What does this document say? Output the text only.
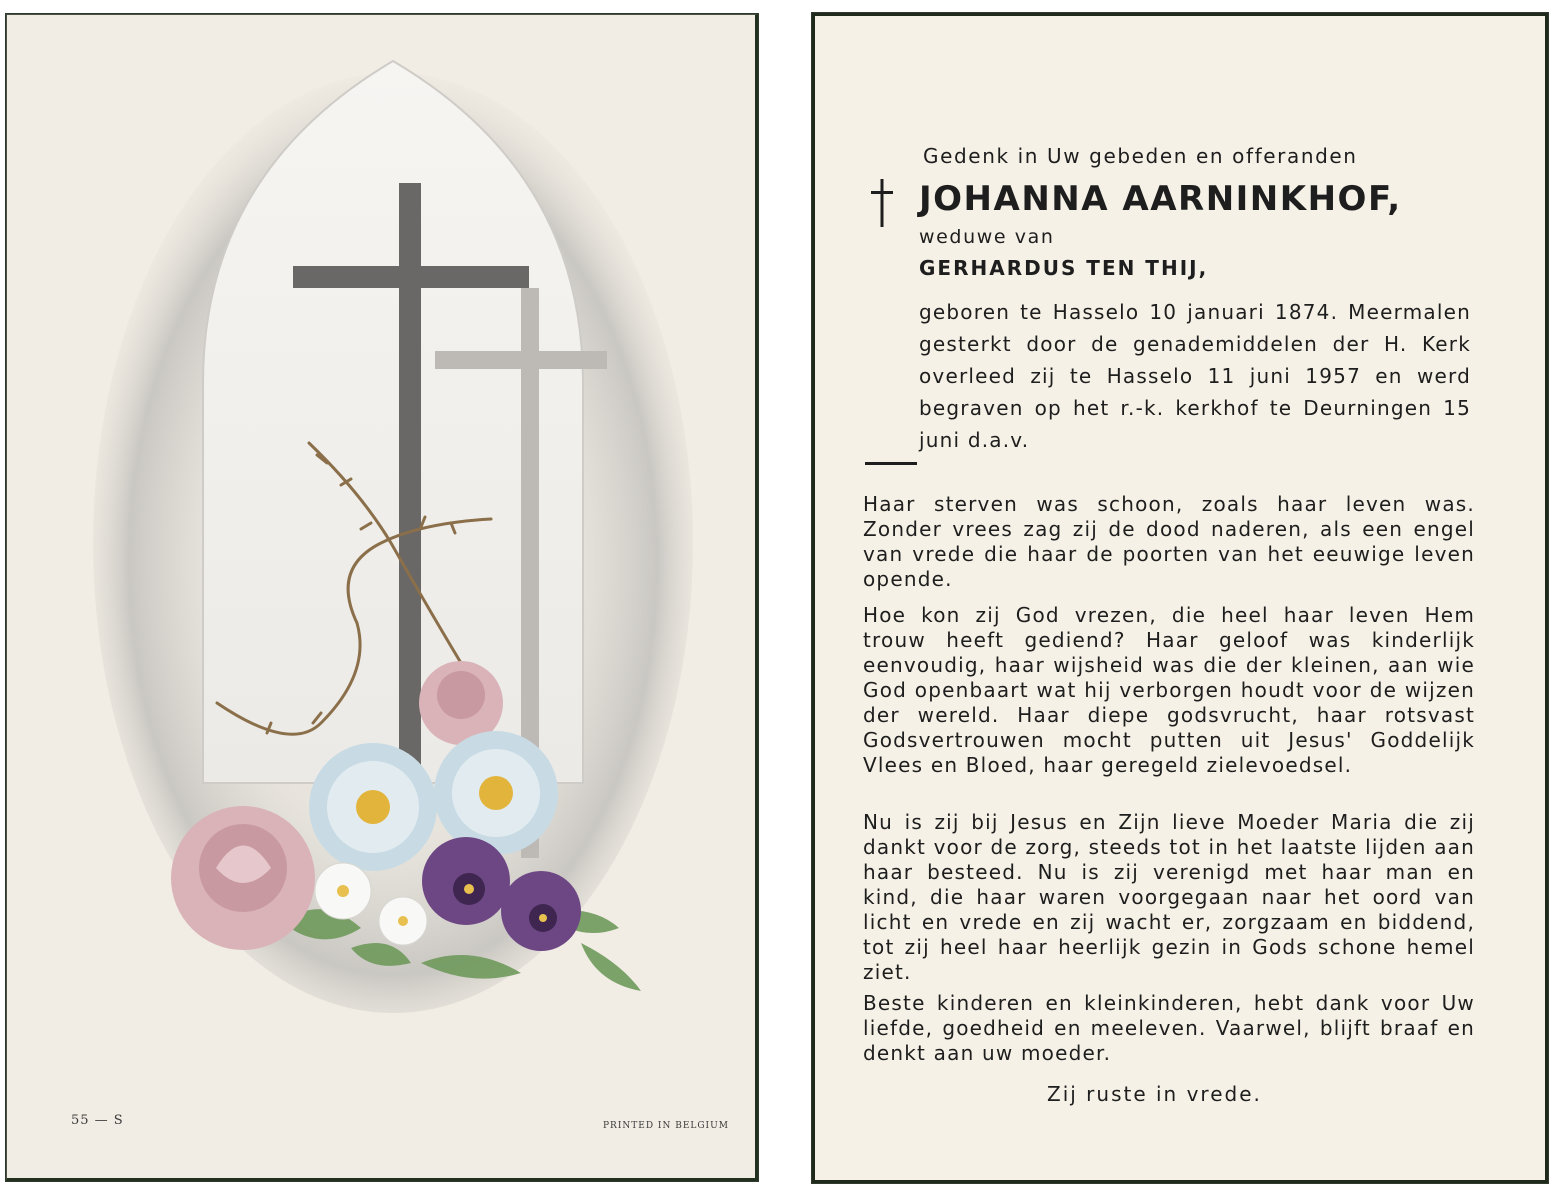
55 — S	PRINTED IN BELGIUM

Gedenk in Uw gebeden en offeranden

JOHANNA AARNINKHOF,

weduwe van

GERHARDUS TEN THIJ,

geboren te Hasselo 10 januari 1874. Meermalen gesterkt door de genademiddelen der H. Kerk overleed zij te Hasselo 11 juni 1957 en werd begraven op het r.-k. kerkhof te Deurningen 15 juni d.a.v.

Haar sterven was schoon, zoals haar leven was. Zonder vrees zag zij de dood naderen, als een engel van vrede die haar de poorten van het eeuwige leven opende.

Hoe kon zij God vrezen, die heel haar leven Hem trouw heeft gediend? Haar geloof was kinderlijk eenvoudig, haar wijsheid was die der kleinen, aan wie God openbaart wat hij verborgen houdt voor de wijzen der wereld. Haar diepe godsvrucht, haar rotsvast Godsvertrouwen mocht putten uit Jesus' Goddelijk Vlees en Bloed, haar geregeld zielevoedsel.

Nu is zij bij Jesus en Zijn lieve Moeder Maria die zij dankt voor de zorg, steeds tot in het laatste lijden aan haar besteed. Nu is zij verenigd met haar man en kind, die haar waren voorgegaan naar het oord van licht en vrede en zij wacht er, zorgzaam en biddend, tot zij heel haar heerlijk gezin in Gods schone hemel ziet.

Beste kinderen en kleinkinderen, hebt dank voor Uw liefde, goedheid en meeleven. Vaarwel, blijft braaf en denkt aan uw moeder.

Zij ruste in vrede.
